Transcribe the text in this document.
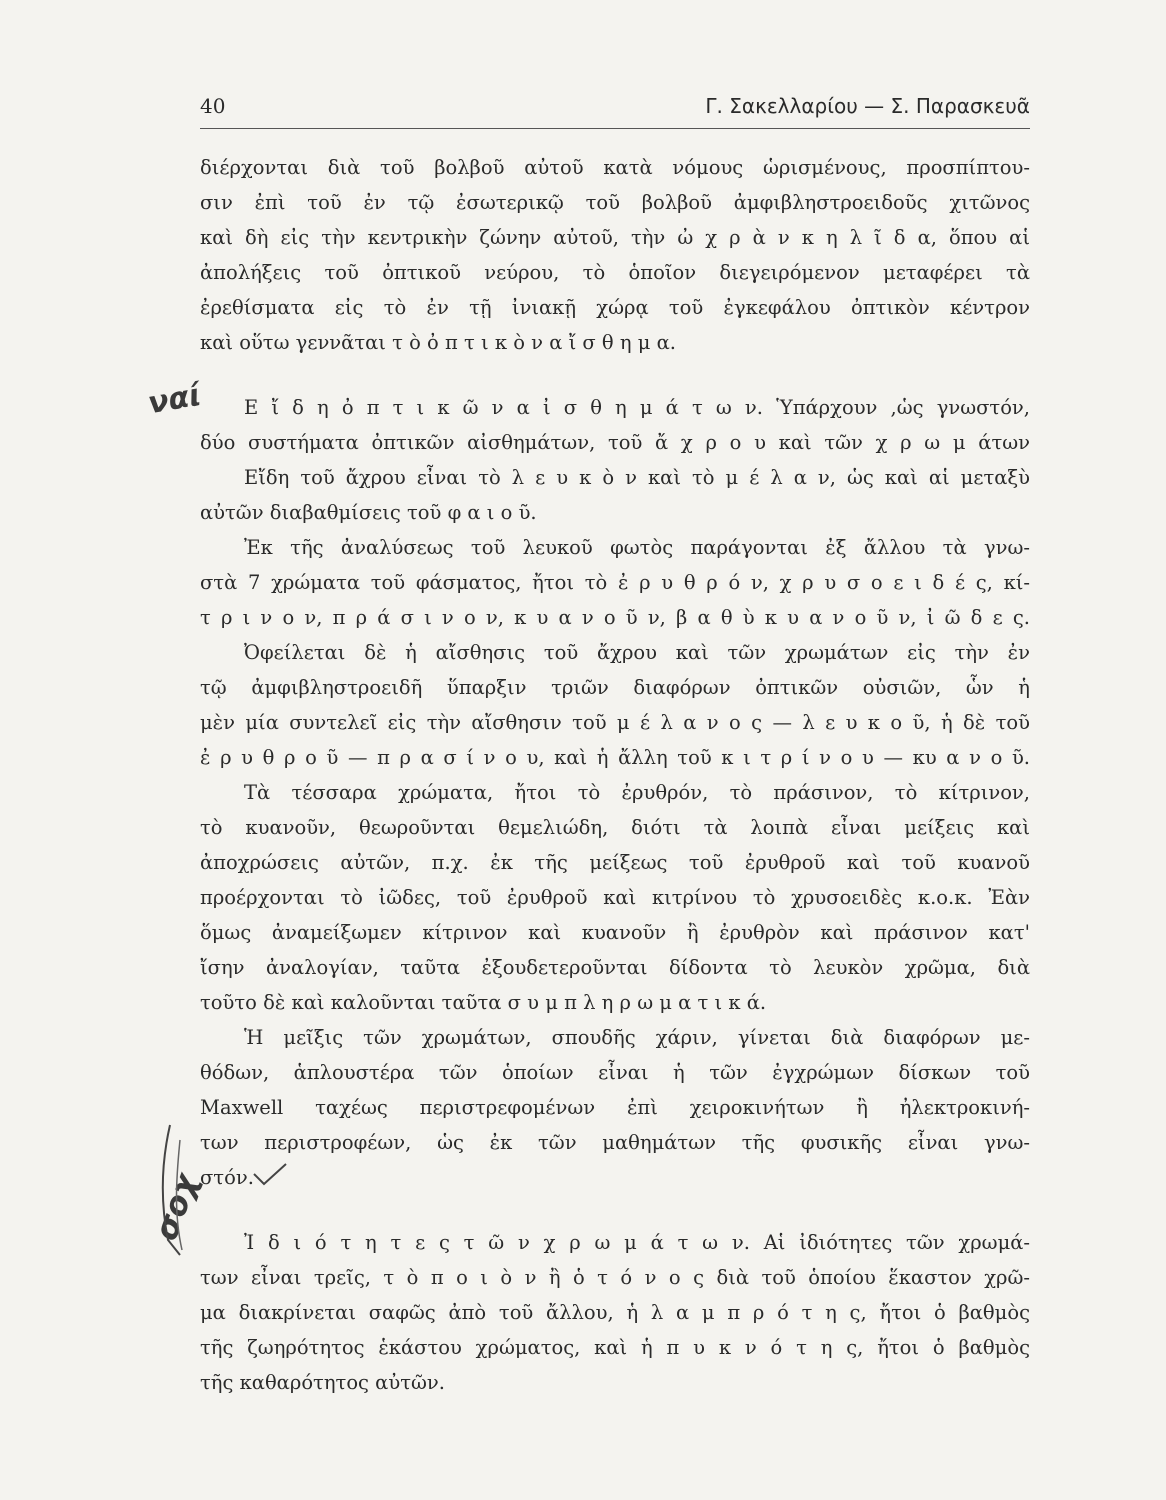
40	Γ. Σακελλαρίου — Σ. Παρασκευᾶ
διέρχονται διὰ τοῦ βολβοῦ αὐτοῦ κατὰ νόμους ὡρισμένους, προσπίπτου-
σιν ἐπὶ τοῦ ἐν τῷ ἐσωτερικῷ τοῦ βολβοῦ ἀμφιβληστροειδοῦς χιτῶνος
καὶ δὴ εἰς τὴν κεντρικὴν ζώνην αὐτοῦ, τὴν ὠ χ ρ ὰ ν κ η λ ῖ δ α, ὅπου αἱ
ἀπολήξεις τοῦ ὀπτικοῦ νεύρου, τὸ ὁποῖον διεγειρόμενον μεταφέρει τὰ
ἐρεθίσματα εἰς τὸ ἐν τῇ ἰνιακῇ χώρᾳ τοῦ ἐγκεφάλου ὀπτικὸν κέντρον
καὶ οὕτω γεννᾶται τ ὸ ὀ π τ ι κ ὸ ν α ἴ σ θ η μ α.
Ε ἴ δ η ὀ π τ ι κ ῶ ν α ἰ σ θ η μ ά τ ω ν. Ὑπάρχουν ,ὡς γνωστόν,
δύο συστήματα ὀπτικῶν αἰσθημάτων, τοῦ ἄ χ ρ ο υ καὶ τῶν χ ρ ω μ άτων
Εἴδη τοῦ ἄχρου εἶναι τὸ λ ε υ κ ὸ ν καὶ τὸ μ έ λ α ν, ὡς καὶ αἱ μεταξὺ
αὐτῶν διαβαθμίσεις τοῦ φ α ι ο ῦ.
Ἐκ τῆς ἀναλύσεως τοῦ λευκοῦ φωτὸς παράγονται ἐξ ἄλλου τὰ γνω-
στὰ 7 χρώματα τοῦ φάσματος, ἤτοι τὸ ἐ ρ υ θ ρ ό ν, χ ρ υ σ ο ε ι δ έ ς, κί-
τ ρ ι ν ο ν, π ρ ά σ ι ν ο ν, κ υ α ν ο ῦ ν, β α θ ὺ κ υ α ν ο ῦ ν, ἰ ῶ δ ε ς.
Ὀφείλεται δὲ ἡ αἴσθησις τοῦ ἄχρου καὶ τῶν χρωμάτων εἰς τὴν ἐν
τῷ ἀμφιβληστροειδῆ ὕπαρξιν τριῶν διαφόρων ὀπτικῶν οὐσιῶν, ὧν ἡ
μὲν μία συντελεῖ εἰς τὴν αἴσθησιν τοῦ μ έ λ α ν ο ς — λ ε υ κ ο ῦ, ἡ δὲ τοῦ
ἐ ρ υ θ ρ ο ῦ — π ρ α σ ί ν ο υ, καὶ ἡ ἄλλη τοῦ κ ι τ ρ ί ν ο υ — κυ α ν ο ῦ.
Τὰ τέσσαρα χρώματα, ἤτοι τὸ ἐρυθρόν, τὸ πράσινον, τὸ κίτρινον,
τὸ κυανοῦν, θεωροῦνται θεμελιώδη, διότι τὰ λοιπὰ εἶναι μείξεις καὶ
ἀποχρώσεις αὐτῶν, π.χ. ἐκ τῆς μείξεως τοῦ ἐρυθροῦ καὶ τοῦ κυανοῦ
προέρχονται τὸ ἰῶδες, τοῦ ἐρυθροῦ καὶ κιτρίνου τὸ χρυσοειδὲς κ.ο.κ. Ἐὰν
ὅμως ἀναμείξωμεν κίτρινον καὶ κυανοῦν ἢ ἐρυθρὸν καὶ πράσινον κατ'
ἴσην ἀναλογίαν, ταῦτα ἐξουδετεροῦνται δίδοντα τὸ λευκὸν χρῶμα, διὰ
τοῦτο δὲ καὶ καλοῦνται ταῦτα σ υ μ π λ η ρ ω μ α τ ι κ ά.
Ἡ μεῖξις τῶν χρωμάτων, σπουδῆς χάριν, γίνεται διὰ διαφόρων με-
θόδων, ἁπλουστέρα τῶν ὁποίων εἶναι ἡ τῶν ἐγχρώμων δίσκων τοῦ
Maxwell ταχέως περιστρεφομένων ἐπὶ χειροκινήτων ἢ ἠλεκτροκινή-
των περιστροφέων, ὡς ἐκ τῶν μαθημάτων τῆς φυσικῆς εἶναι γνω-
στόν.
Ἰ δ ι ό τ η τ ε ς τ ῶ ν χ ρ ω μ ά τ ω ν. Αἱ ἰδιότητες τῶν χρωμά-
των εἶναι τρεῖς, τ ὸ π ο ι ὸ ν ἢ ὁ τ ό ν ο ς διὰ τοῦ ὁποίου ἕκαστον χρῶ-
μα διακρίνεται σαφῶς ἀπὸ τοῦ ἄλλου, ἡ λ α μ π ρ ό τ η ς, ἤτοι ὁ βαθμὸς
τῆς ζωηρότητος ἑκάστου χρώματος, καὶ ἡ π υ κ ν ό τ η ς, ἤτοι ὁ βαθμὸς
τῆς καθαρότητος αὐτῶν.
ναί
σοχ
